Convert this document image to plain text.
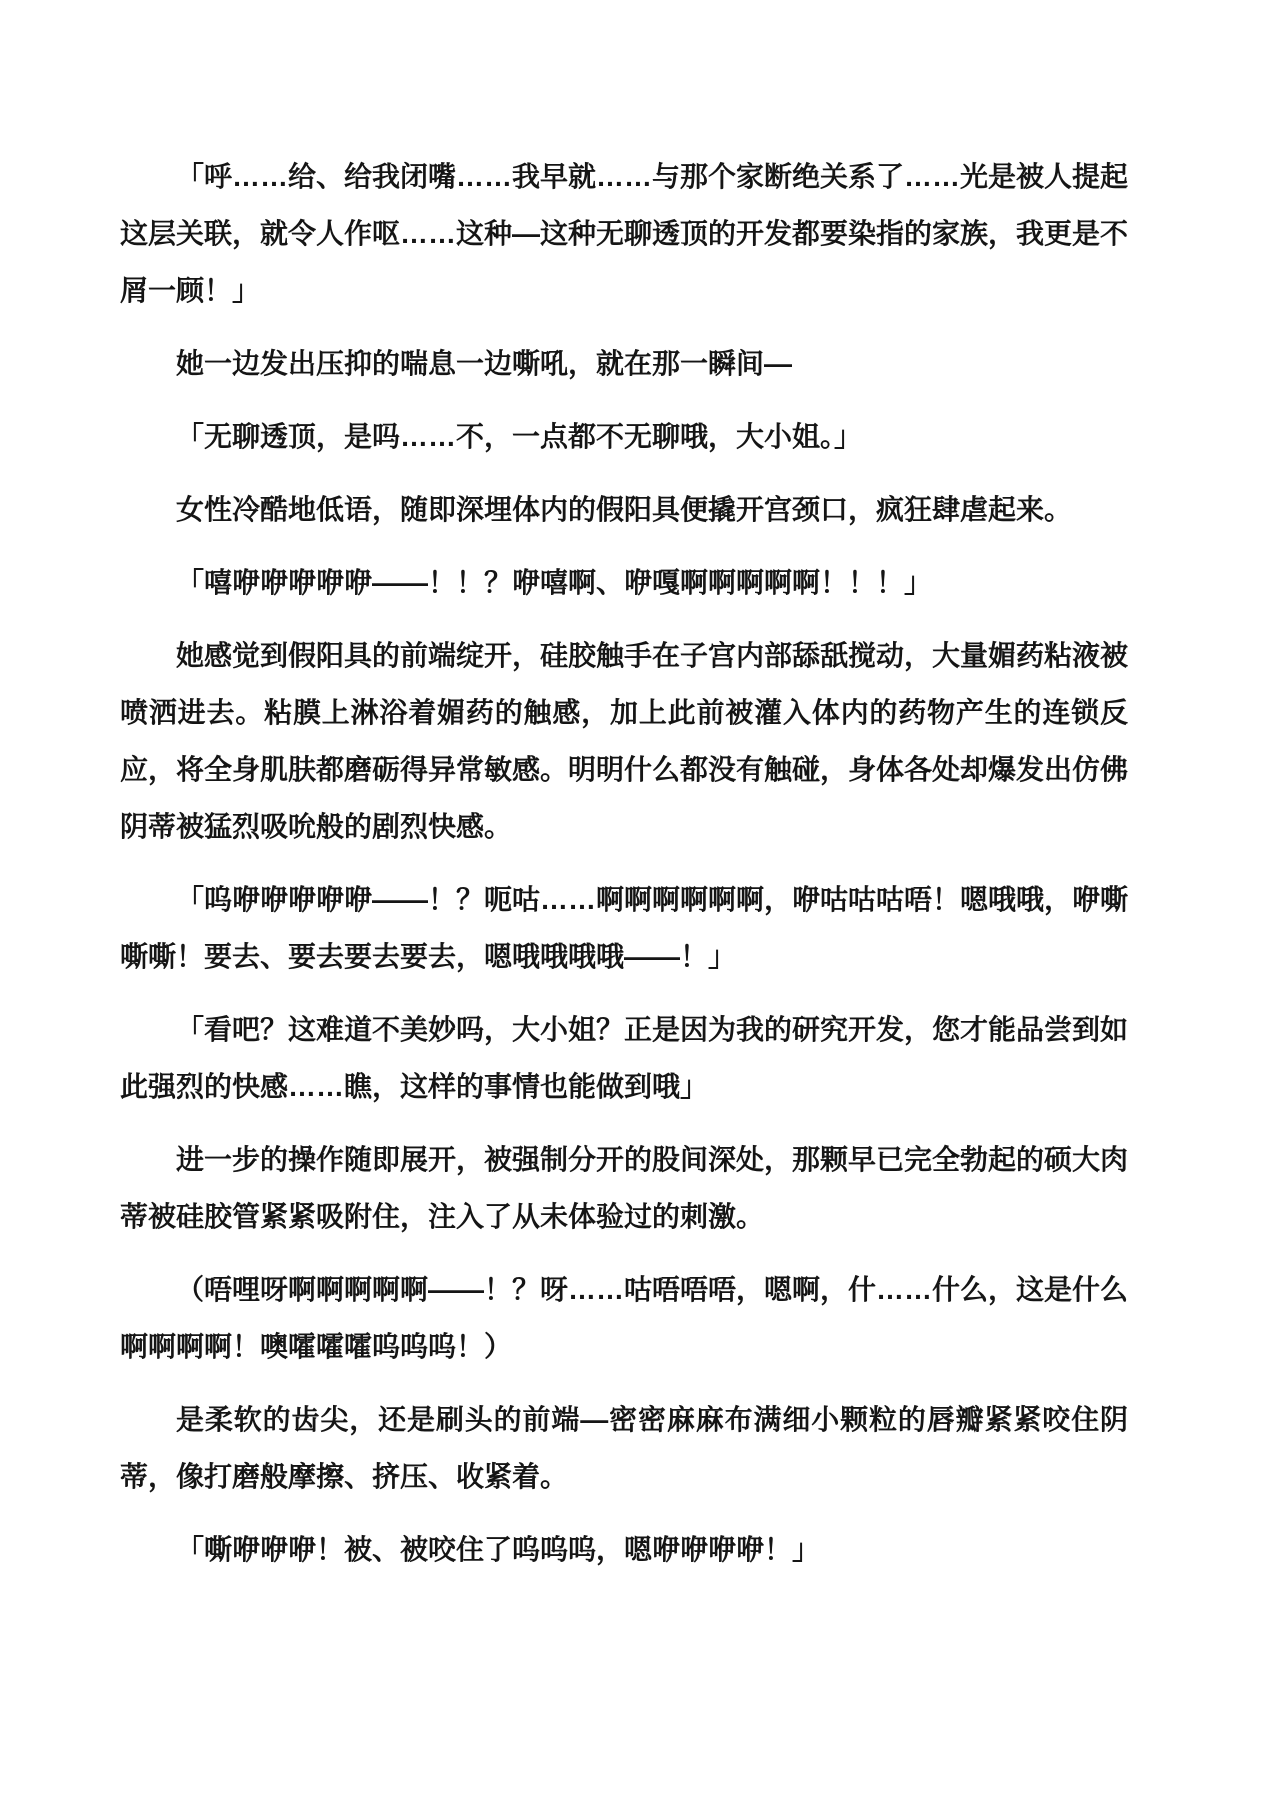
「呼……给、给我闭嘴……我早就……与那个家断绝关系了……光是被人提起这层关联，就令人作呕……这种—这种无聊透顶的开发都要染指的家族，我更是不屑一顾！」

她一边发出压抑的喘息一边嘶吼，就在那一瞬间—

「无聊透顶，是吗……不，一点都不无聊哦，大小姐。」

女性冷酷地低语，随即深埋体内的假阳具便撬开宫颈口，疯狂肆虐起来。

「嘻咿咿咿咿咿——！！？咿嘻啊、咿嘎啊啊啊啊啊！！！」

她感觉到假阳具的前端绽开，硅胶触手在子宫内部舔舐搅动，大量媚药粘液被喷洒进去。粘膜上淋浴着媚药的触感，加上此前被灌入体内的药物产生的连锁反应，将全身肌肤都磨砺得异常敏感。明明什么都没有触碰，身体各处却爆发出仿佛阴蒂被猛烈吸吮般的剧烈快感。

「呜咿咿咿咿咿——！？呃咕……啊啊啊啊啊啊，咿咕咕咕唔！嗯哦哦，咿嘶嘶嘶！要去、要去要去要去，嗯哦哦哦哦——！」

「看吧？这难道不美妙吗，大小姐？正是因为我的研究开发，您才能品尝到如此强烈的快感……瞧，这样的事情也能做到哦」

进一步的操作随即展开，被强制分开的股间深处，那颗早已完全勃起的硕大肉蒂被硅胶管紧紧吸附住，注入了从未体验过的刺激。

（唔哩呀啊啊啊啊啊——！？呀……咕唔唔唔，嗯啊，什……什么，这是什么啊啊啊啊！噢嚯嚯嚯呜呜呜！）

是柔软的齿尖，还是刷头的前端—密密麻麻布满细小颗粒的唇瓣紧紧咬住阴蒂，像打磨般摩擦、挤压、收紧着。

「嘶咿咿咿！被、被咬住了呜呜呜，嗯咿咿咿咿！」
